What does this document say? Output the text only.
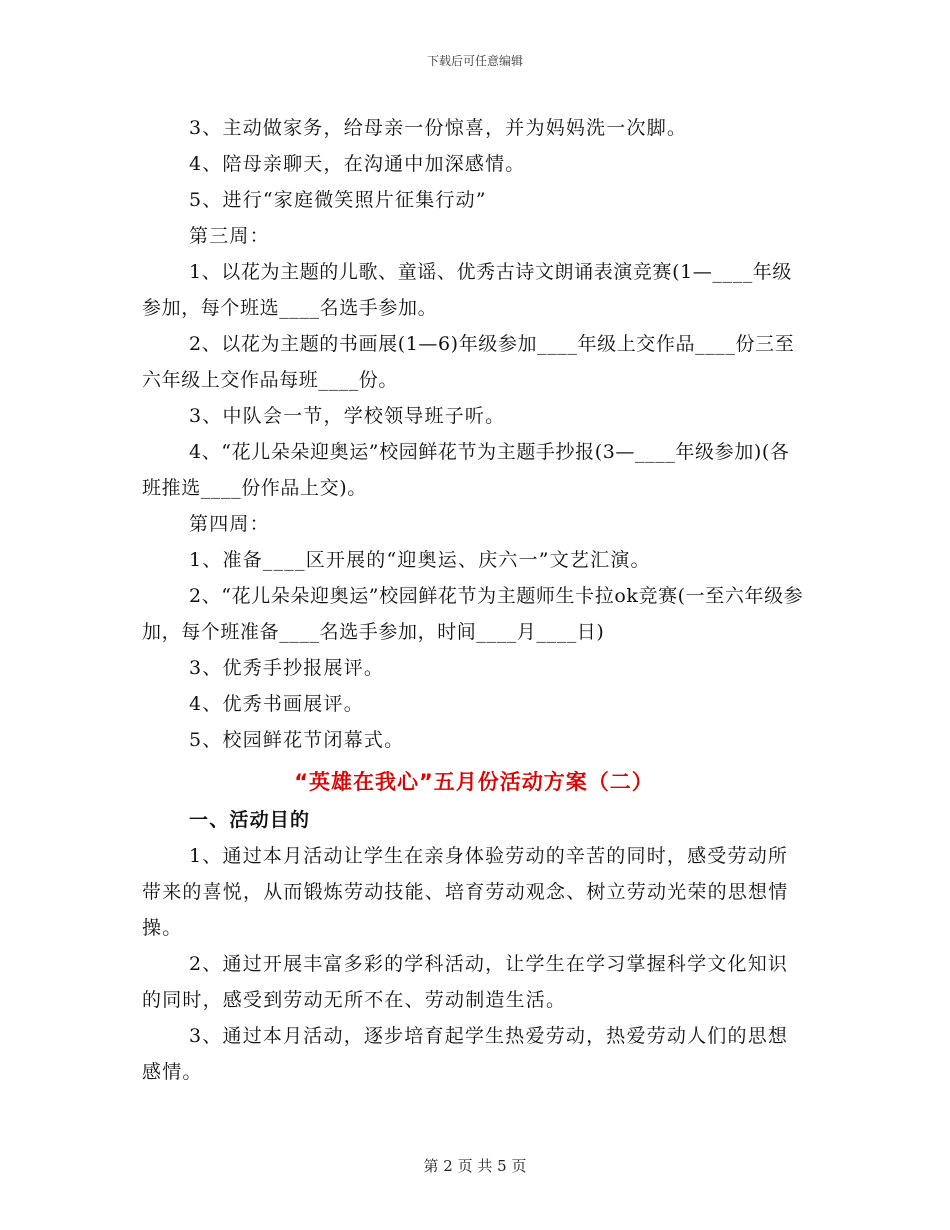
下载后可任意编辑

3、主动做家务，给母亲一份惊喜，并为妈妈洗一次脚。

4、陪母亲聊天，在沟通中加深感情。

5、进行“家庭微笑照片征集行动”

第三周：

1、以花为主题的儿歌、童谣、优秀古诗文朗诵表演竞赛(1—____年级参加，每个班选____名选手参加。

2、以花为主题的书画展(1—6)年级参加____年级上交作品____份三至六年级上交作品每班____份。

3、中队会一节，学校领导班子听。

4、“花儿朵朵迎奥运”校园鲜花节为主题手抄报(3—____年级参加)(各班推选____份作品上交)。

第四周：

1、准备____区开展的“迎奥运、庆六一”文艺汇演。

2、“花儿朵朵迎奥运”校园鲜花节为主题师生卡拉ok竞赛(一至六年级参加，每个班准备____名选手参加，时间____月____日)

3、优秀手抄报展评。

4、优秀书画展评。

5、校园鲜花节闭幕式。

“英雄在我心”五月份活动方案（二）

一、活动目的

1、通过本月活动让学生在亲身体验劳动的辛苦的同时，感受劳动所带来的喜悦，从而锻炼劳动技能、培育劳动观念、树立劳动光荣的思想情操。

2、通过开展丰富多彩的学科活动，让学生在学习掌握科学文化知识的同时，感受到劳动无所不在、劳动制造生活。

3、通过本月活动，逐步培育起学生热爱劳动，热爱劳动人们的思想感情。

第 2 页 共 5 页
